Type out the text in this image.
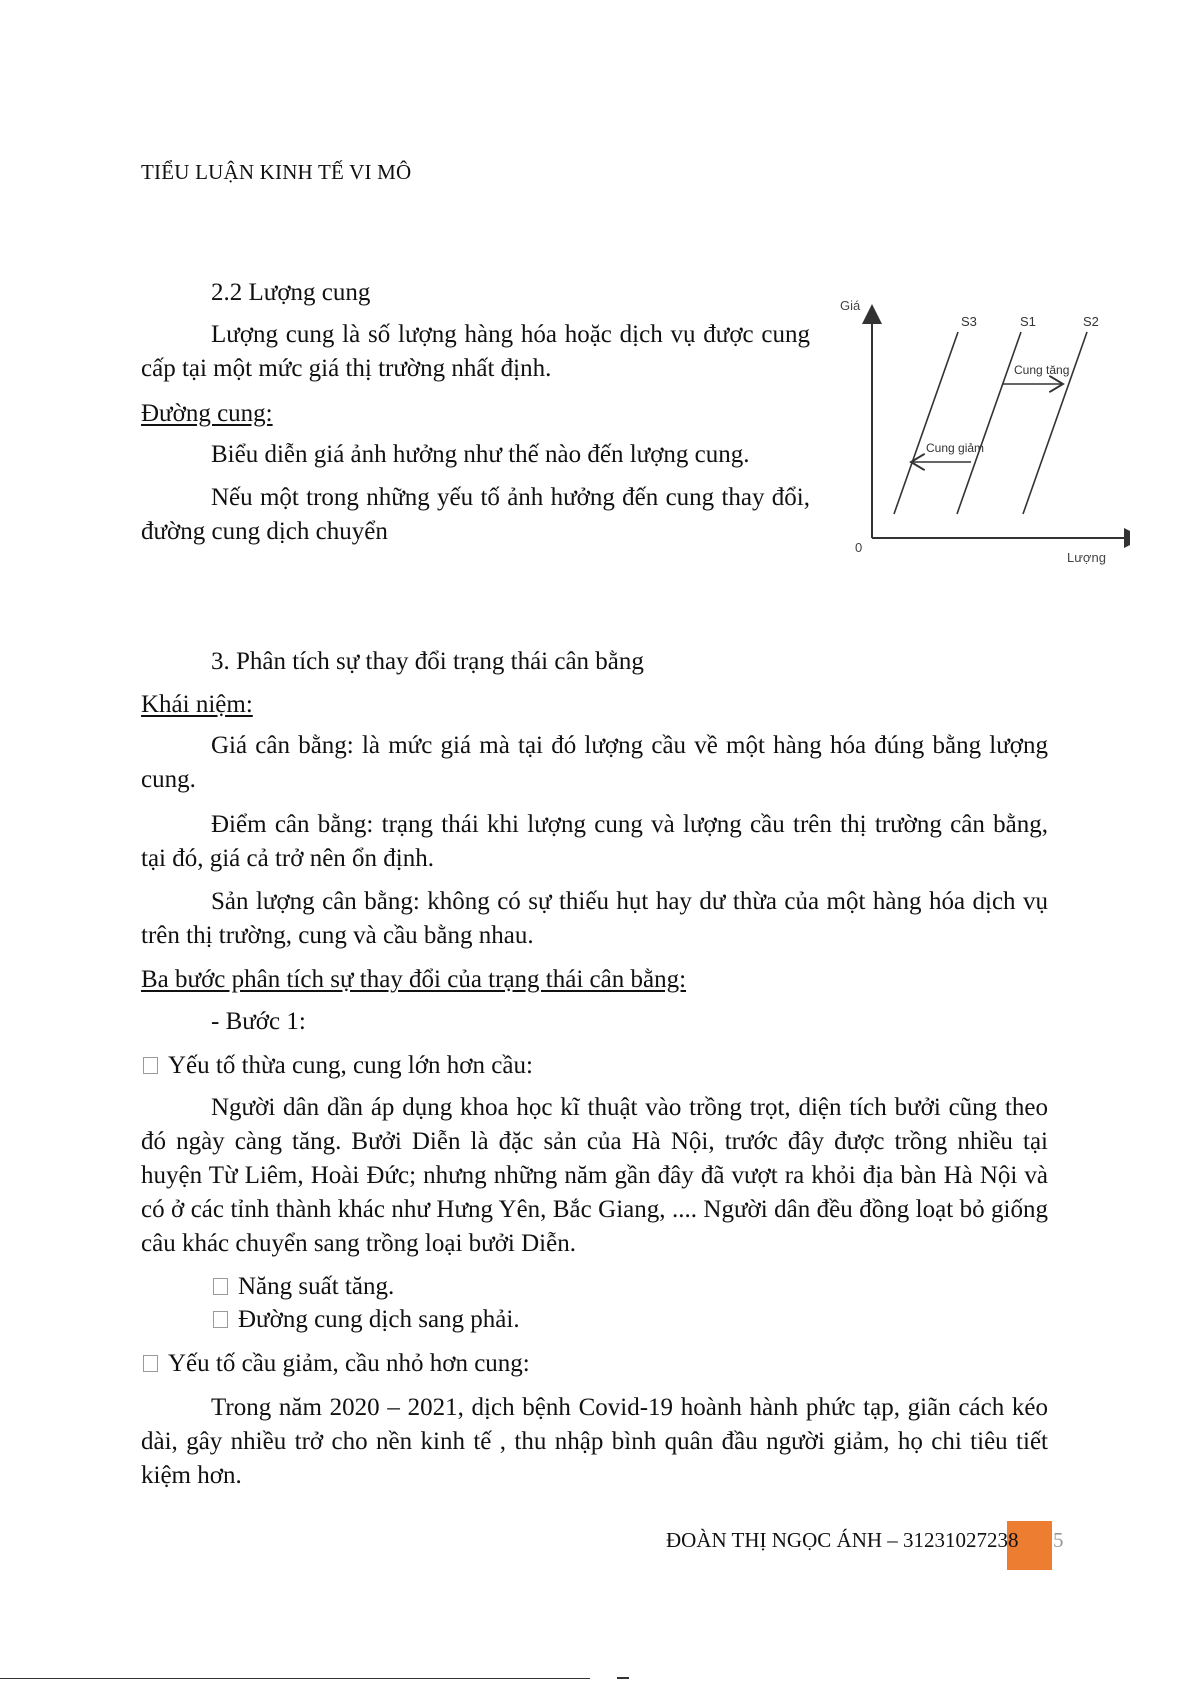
TIỂU LUẬN KINH TẾ VI MÔ
2.2 Lượng cung

Lượng cung là số lượng hàng hóa hoặc dịch vụ được cung cấp tại một mức giá thị trường nhất định.

Đường cung:

Biểu diễn giá ảnh hưởng như thế nào đến lượng cung.

Nếu một trong những yếu tố ảnh hưởng đến cung thay đổi, đường cung dịch chuyển

Giá
0
Lượng
S3	S1	S2
Cung tăng
Cung giảm
3. Phân tích sự thay đổi trạng thái cân bằng
Khái niệm:

Giá cân bằng: là mức giá mà tại đó lượng cầu về một hàng hóa đúng bằng lượng cung.

Điểm cân bằng: trạng thái khi lượng cung và lượng cầu trên thị trường cân bằng, tại đó, giá cả trở nên ổn định.

Sản lượng cân bằng: không có sự thiếu hụt hay dư thừa của một hàng hóa dịch vụ trên thị trường, cung và cầu bằng nhau.

Ba bước phân tích sự thay đổi của trạng thái cân bằng:
- Bước 1:
Yếu tố thừa cung, cung lớn hơn cầu:

Người dân dần áp dụng khoa học kĩ thuật vào trồng trọt, diện tích bưởi cũng theo đó ngày càng tăng. Bưởi Diễn là đặc sản của Hà Nội, trước đây được trồng nhiều tại huyện Từ Liêm, Hoài Đức; nhưng những năm gần đây đã vượt ra khỏi địa bàn Hà Nội và có ở các tỉnh thành khác như Hưng Yên, Bắc Giang, .... Người dân đều đồng loạt bỏ giống câu khác chuyển sang trồng loại bưởi Diễn.

Năng suất tăng.
Đường cung dịch sang phải.
Yếu tố cầu giảm, cầu nhỏ hơn cung:

Trong năm 2020 – 2021, dịch bệnh Covid-19 hoành hành phức tạp, giãn cách kéo dài, gây nhiều trở cho nền kinh tế , thu nhập bình quân đầu người giảm, họ chi tiêu tiết kiệm hơn.

ĐOÀN THỊ NGỌC ÁNH – 31231027238 5
